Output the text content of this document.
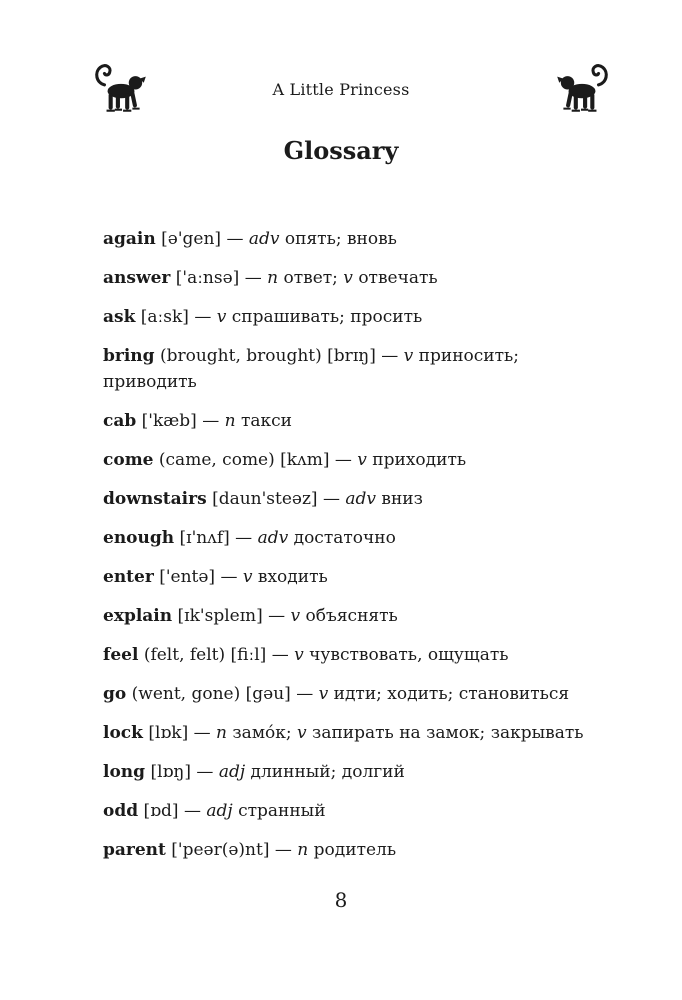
A Little Princess
Glossary
again [ə'gen] — adv опять; вновь
answer ['aːnsə] — n ответ; v отвечать
ask [aːsk] — v спрашивать; просить
bring (brought, brought) [brɪŋ] — v приносить; приводить
cab ['kæb] — n такси
come (came, come) [kʌm] — v приходить
downstairs [daun'steəz] — adv вниз
enough [ɪ'nʌf] — adv достаточно
enter ['entə] — v входить
explain [ɪk'spleɪn] — v объяснять
feel (felt, felt) [fiːl] — v чувствовать, ощущать
go (went, gone) [gəu] — v идти; ходить; становиться
lock [lɒk] — n замо́к; v запирать на замок; закрывать
long [lɒŋ] — adj длинный; долгий
odd [ɒd] — adj странный
parent ['peər(ə)nt] — n родитель
8
